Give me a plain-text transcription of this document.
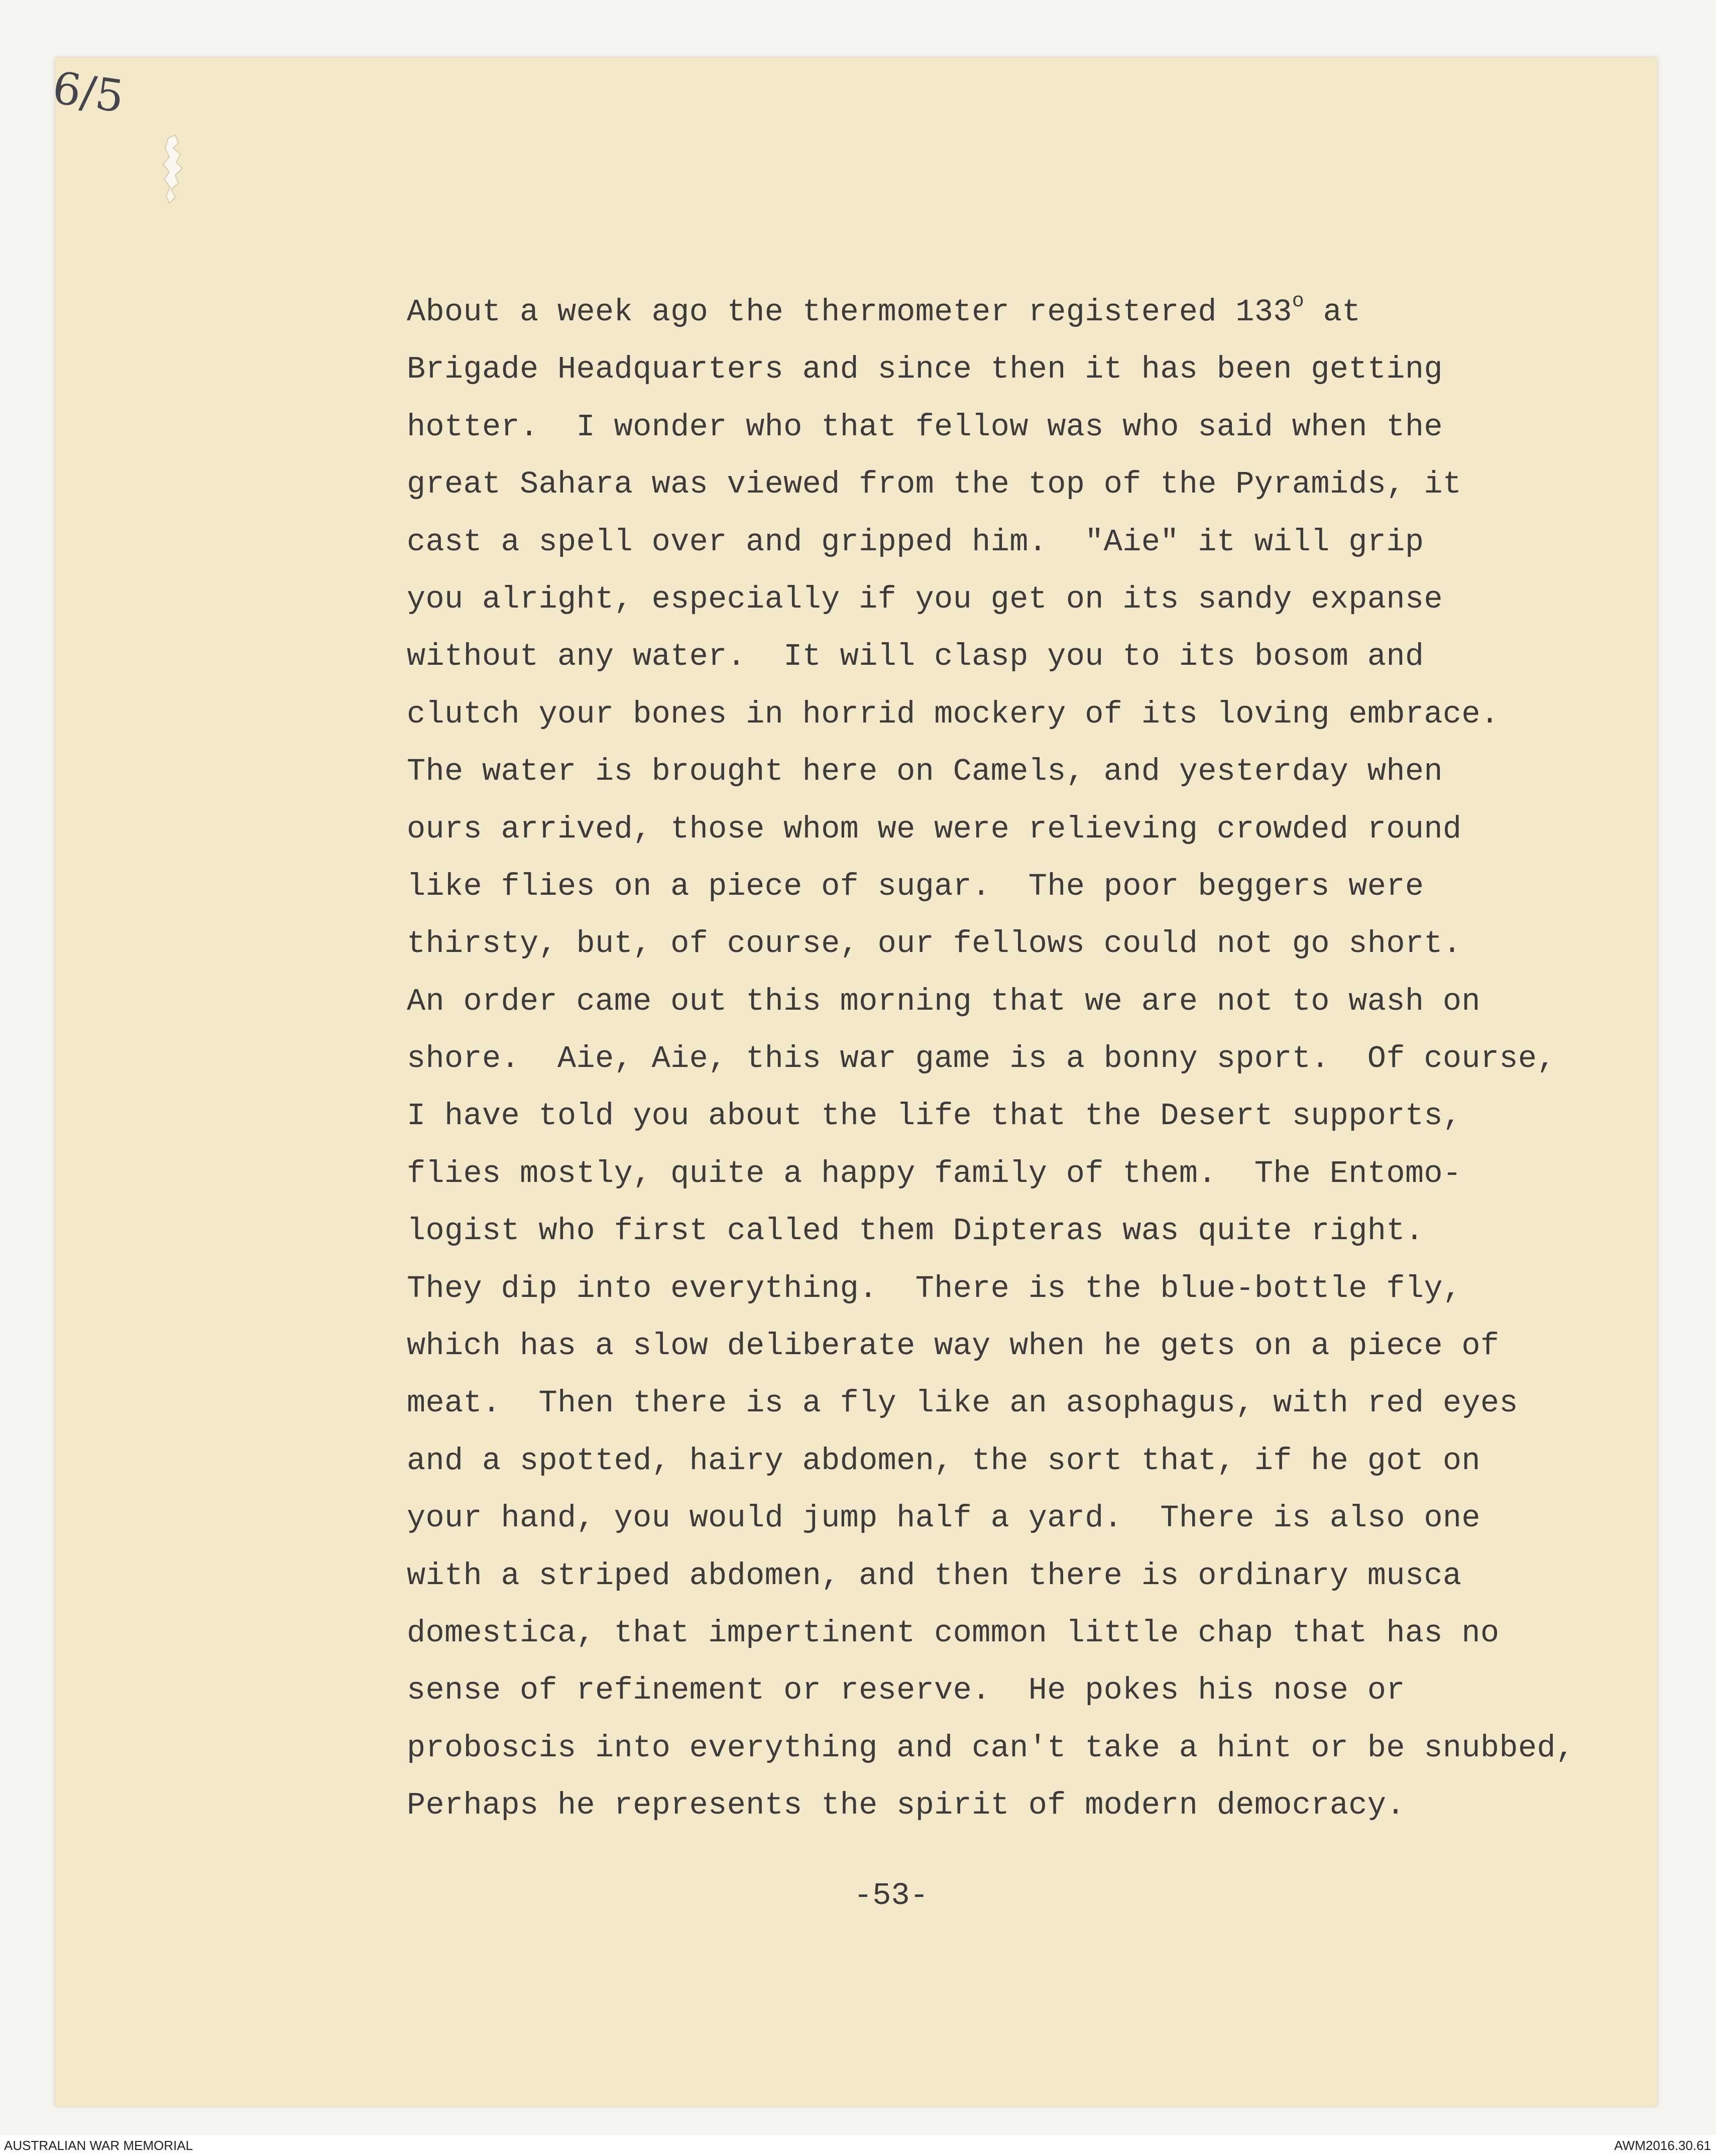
6/5
About a week ago the thermometer registered 133$^o$ at
Brigade Headquarters and since then it has been getting
hotter.  I wonder who that fellow was who said when the
great Sahara was viewed from the top of the Pyramids, it
cast a spell over and gripped him.  "Aie" it will grip
you alright, especially if you get on its sandy expanse
without any water.  It will clasp you to its bosom and
clutch your bones in horrid mockery of its loving embrace.
The water is brought here on Camels, and yesterday when
ours arrived, those whom we were relieving crowded round
like flies on a piece of sugar.  The poor beggers were
thirsty, but, of course, our fellows could not go short.
An order came out this morning that we are not to wash on
shore.  Aie, Aie, this war game is a bonny sport.  Of course,
I have told you about the life that the Desert supports,
flies mostly, quite a happy family of them.  The Entomo-
logist who first called them Dipteras was quite right.
They dip into everything.  There is the blue-bottle fly,
which has a slow deliberate way when he gets on a piece of
meat.  Then there is a fly like an asophagus, with red eyes
and a spotted, hairy abdomen, the sort that, if he got on
your hand, you would jump half a yard.  There is also one
with a striped abdomen, and then there is ordinary musca
domestica, that impertinent common little chap that has no
sense of refinement or reserve.  He pokes his nose or
proboscis into everything and can't take a hint or be snubbed,
Perhaps he represents the spirit of modern democracy.
-53-
AUSTRALIAN WAR MEMORIAL	AWM2016.30.61
